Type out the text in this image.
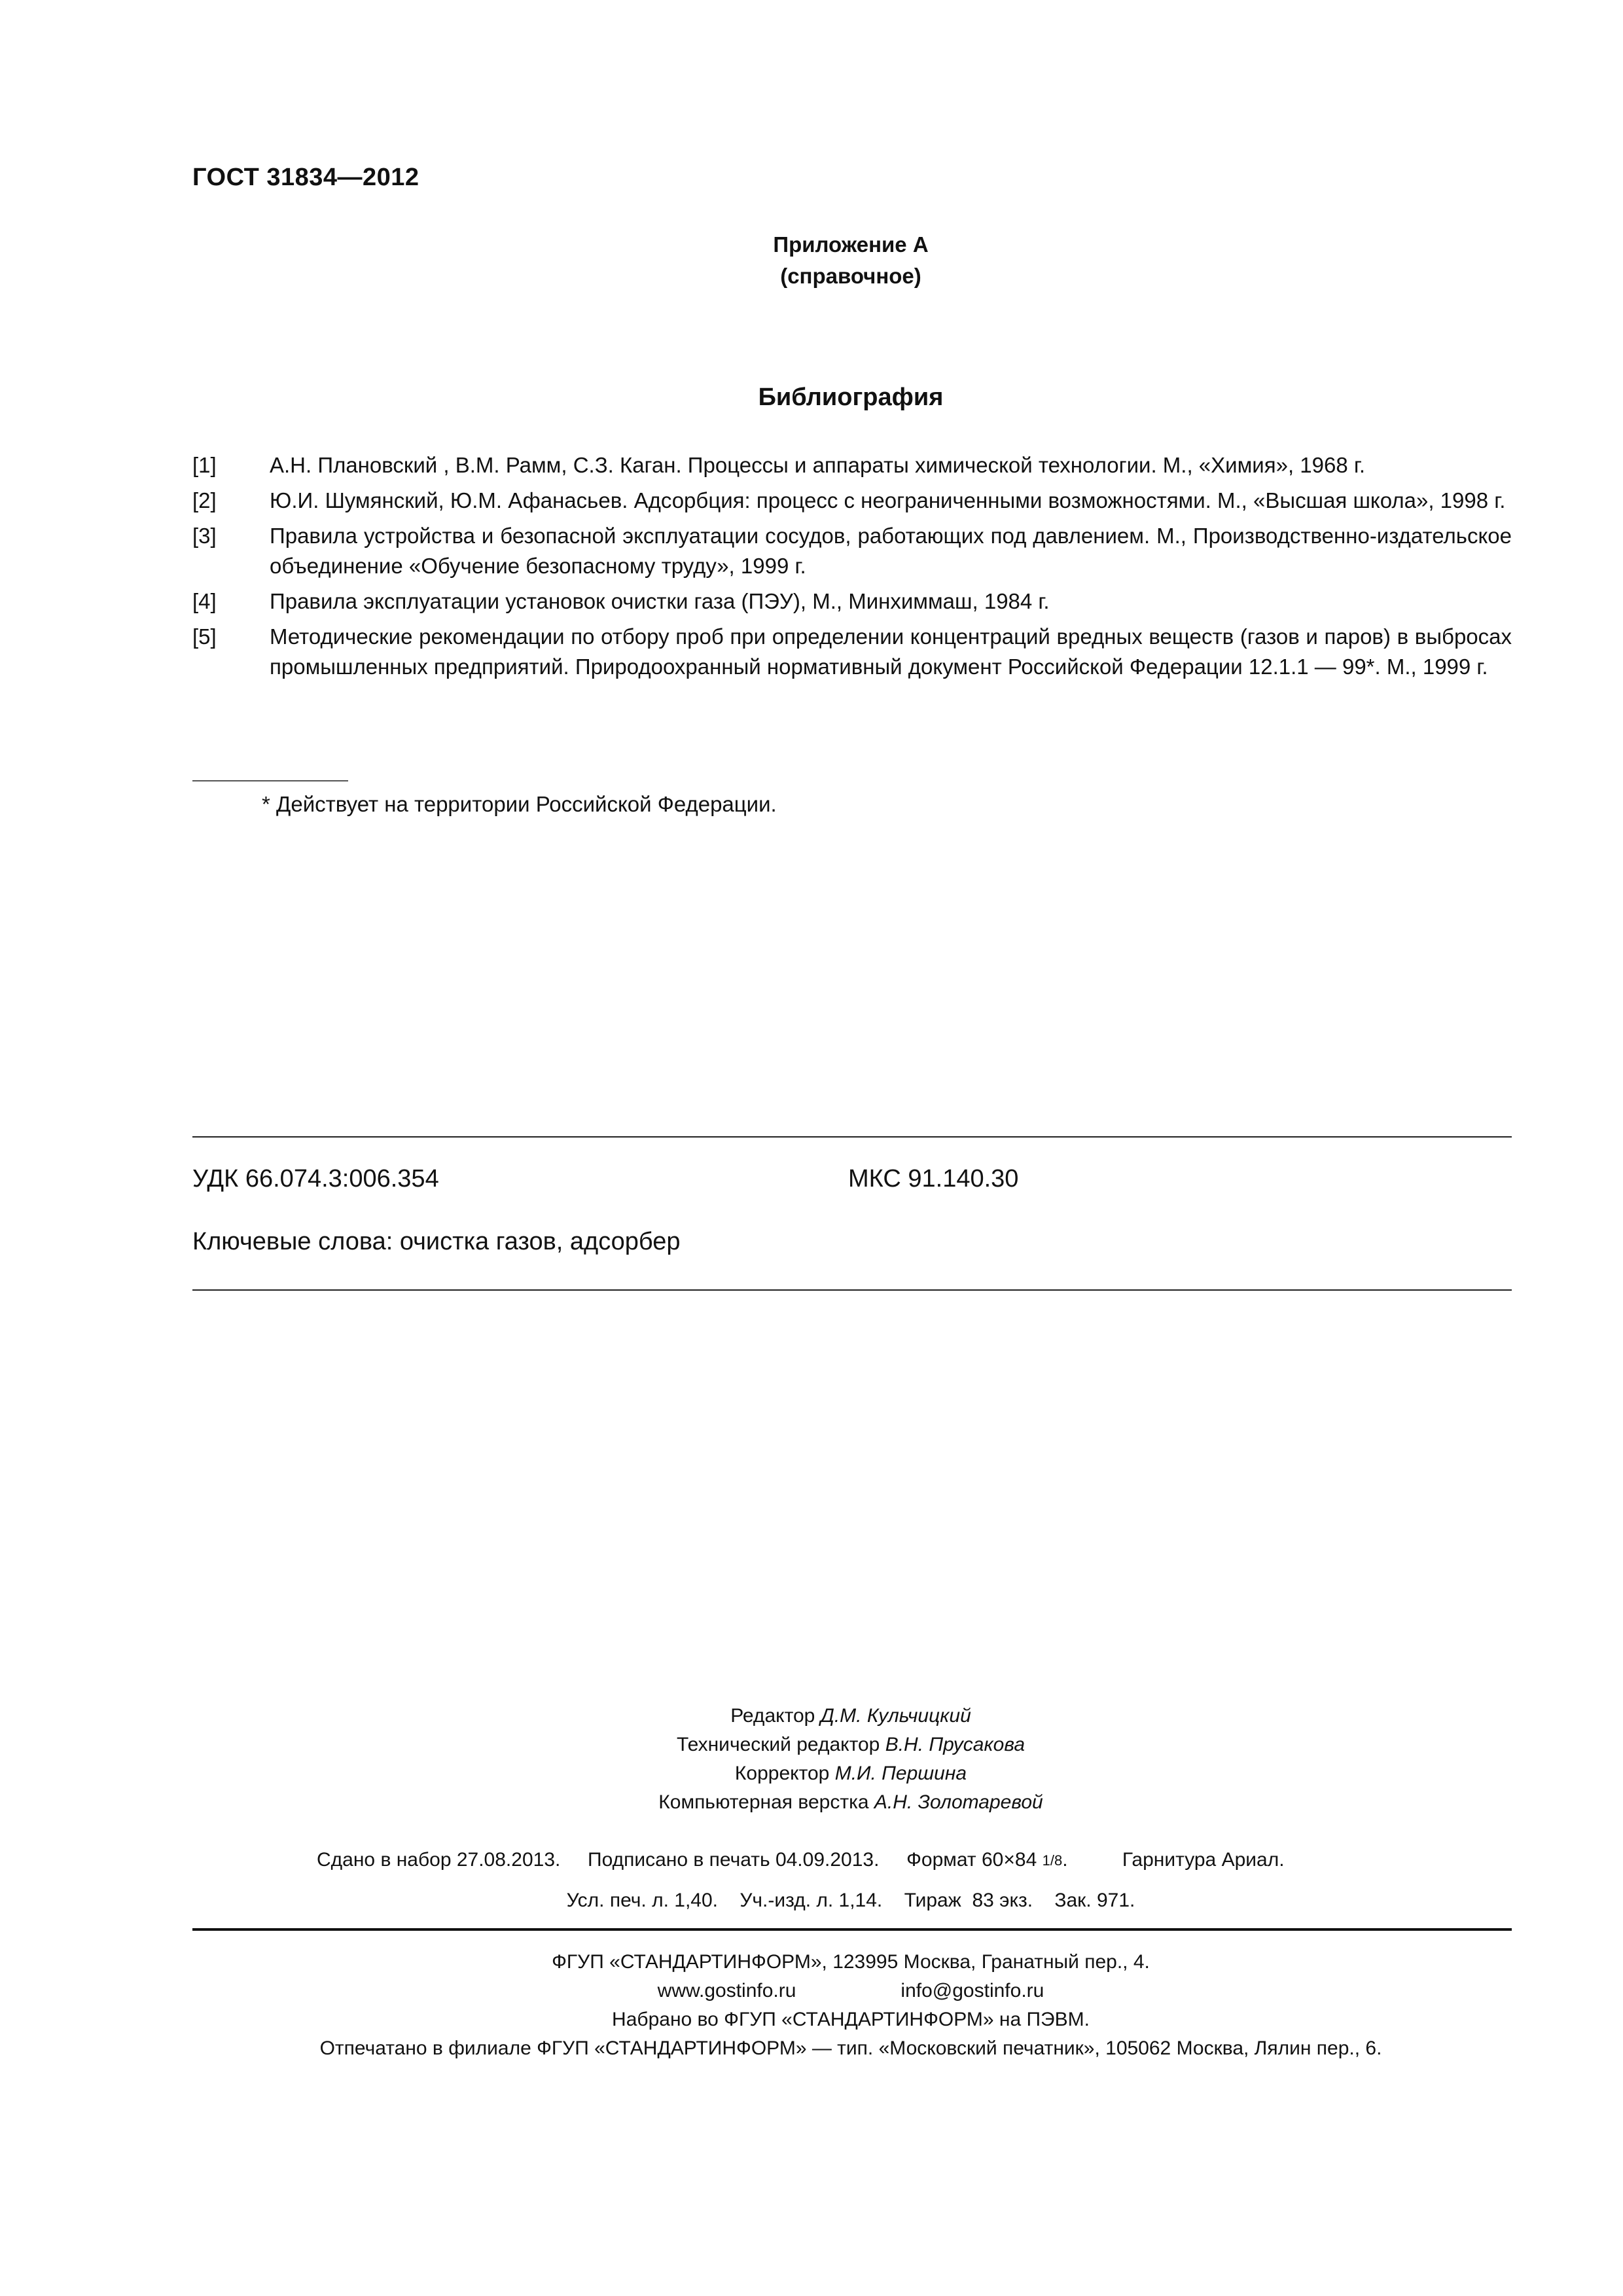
ГОСТ 31834—2012
Приложение А
(справочное)
Библиография
[1]	А.Н. Плановский , В.М. Рамм, С.З. Каган. Процессы и аппараты химической технологии. М., «Химия», 1968 г.
[2]	Ю.И. Шумянский, Ю.М. Афанасьев. Адсорбция: процесс с неограниченными возможностями. М., «Высшая школа», 1998 г.
[3]	Правила устройства и безопасной эксплуатации сосудов, работающих под давлением. М., Производственно-издательское объединение «Обучение безопасному труду», 1999 г.
[4]	Правила эксплуатации установок очистки газа (ПЭУ), М., Минхиммаш, 1984 г.
[5]	Методические рекомендации по отбору проб при определении концентраций вредных веществ (газов и паров) в выбросах промышленных предприятий. Природоохранный нормативный документ Российской Федерации 12.1.1 — 99*. М., 1999 г.
* Действует на территории Российской Федерации.
УДК 66.074.3:006.354	МКС 91.140.30
Ключевые слова: очистка газов, адсорбер
Редактор Д.М. Кульчицкий
Технический редактор В.Н. Прусакова
Корректор М.И. Першина
Компьютерная верстка А.Н. Золотаревой
Сдано в набор 27.08.2013.     Подписано в печать 04.09.2013.     Формат 60×84 1/8.          Гарнитура Ариал.
Усл. печ. л. 1,40.    Уч.-изд. л. 1,14.    Тираж  83 экз.    Зак. 971.
ФГУП «СТАНДАРТИНФОРМ», 123995 Москва, Гранатный пер., 4.
www.gostinfo.ru	info@gostinfo.ru
Набрано во ФГУП «СТАНДАРТИНФОРМ» на ПЭВМ.
Отпечатано в филиале ФГУП «СТАНДАРТИНФОРМ» — тип. «Московский печатник», 105062 Москва, Лялин пер., 6.
